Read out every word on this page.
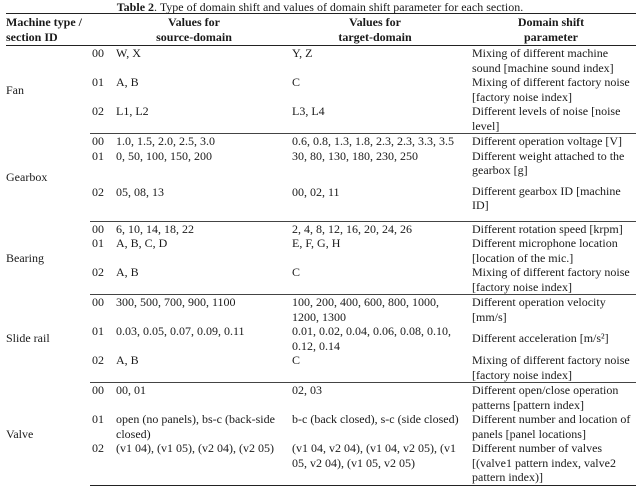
Table 2. Type of domain shift and values of domain shift parameter for each section.
Machine type /		Values for	Values for	Domain shift
section ID		source-domain	target-domain	parameter
Fan	00	W, X	Y, Z	Mixing of different machine sound [machine sound index]
	01	A, B	C	Mixing of different factory noise [factory noise index]
	02	L1, L2	L3, L4	Different levels of noise [noise level]
Gearbox	00	1.0, 1.5, 2.0, 2.5, 3.0	0.6, 0.8, 1.3, 1.8, 2.3, 2.3, 3.3, 3.5	Different operation voltage [V]
	01	0, 50, 100, 150, 200	30, 80, 130, 180, 230, 250	Different weight attached to the gearbox [g]
	02	05, 08, 13	00, 02, 11	Different gearbox ID [machine ID]
Bearing	00	6, 10, 14, 18, 22	2, 4, 8, 12, 16, 20, 24, 26	Different rotation speed [krpm]
	01	A, B, C, D	E, F, G, H	Different microphone location [location of the mic.]
	02	A, B	C	Mixing of different factory noise [factory noise index]
Slide rail	00	300, 500, 700, 900, 1100	100, 200, 400, 600, 800, 1000, 1200, 1300	Different operation velocity [mm/s]
	01	0.03, 0.05, 0.07, 0.09, 0.11	0.01, 0.02, 0.04, 0.06, 0.08, 0.10, 0.12, 0.14	Different acceleration [m/s²]
	02	A, B	C	Mixing of different factory noise [factory noise index]
Valve	00	00, 01	02, 03	Different open/close operation patterns [pattern index]
	01	open (no panels), bs-c (back-side closed)	b-c (back closed), s-c (side closed)	Different number and location of panels [panel locations]
	02	(v1 04), (v1 05), (v2 04), (v2 05)	(v1 04, v2 04), (v1 04, v2 05), (v1 05, v2 04), (v1 05, v2 05)	Different number of valves [(valve1 pattern index, valve2 pattern index)]
